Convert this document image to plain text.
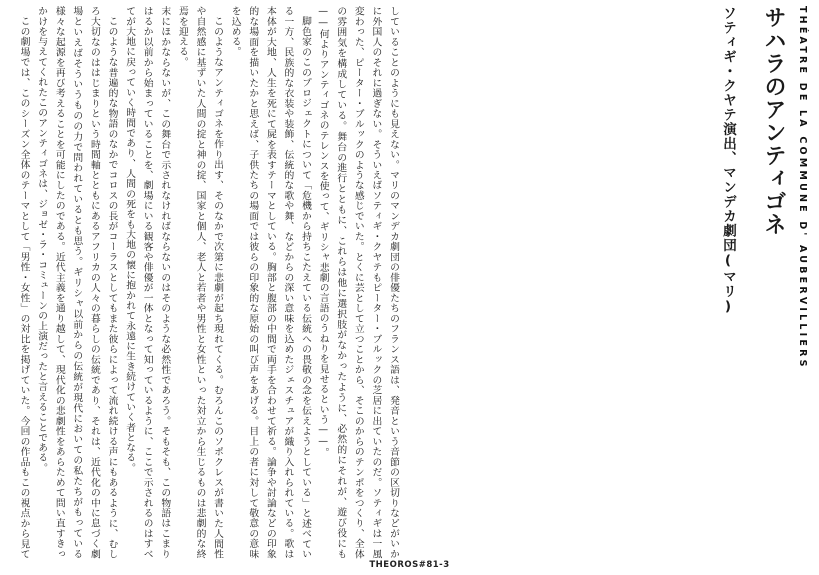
THÉATRE DE LA COMMUNE D' AUBERVILLIERS
サハラのアンティゴネ
ソティギ・クヤテ演出、マンデカ劇団(マリ)

していることのようにも見えない。マリのマンデカ劇団の俳優たちのフランス語は、発音という音節の区切りなどがいかに外国人のそれに過ぎない。そういえばソティギ・クヤテもピーター・ブルックの芝居に出ていたのだ。ソティギは一風変わった、ピーター・ブルックのような感じでいた。とくに芸として立つことから、そこのからのテンポをつくり、全体の雰囲気を構成している。舞台の進行とともに、これらは他に選択肢がなかったように、必然的にそれが、遊び役にも——何よりアンティゴネのテレンスを使って、ギリシャ悲劇の言語のうねりを見せるという——。

脚色家のこのプロジェクトについて「危機から持ちこたえている伝統への畏敬の念を伝えようとしている」と述べている一方、民族的な衣装や装飾、伝統的な歌や舞、などからの深い意味を込めたジェスチュアが織り入れられている。歌は本体が大地、人生を死にて屍を表すテーマとしている。胸部と腹部の中間で両手を合わせて祈る。論争や討論などの印象的な場面を描いたかと思えば、子供たちの場面では彼らの印象的な原始の叫び声をあげる。目上の者に対して敬意の意味を込める。

このようなアンティゴネを作り出す、そのなかで次第に悲劇が起ち現れてくる。むろんこのソポクレスが書いた人間性や自然感に基ずいた人間の掟と神の掟、国家と個人、老人と若者や男性と女性といった対立から生じるものは悲劇的な終焉を迎える。

末にほかならないが、この舞台で示されなければならないのはそのような必然性であろう。そもそも、この物語はこまりはるか以前から始まっていることを、劇場にいる観客や俳優が一体となって知っているように、ここで示されるのはすべてが大地に戻っていく時間であり、人間の死をも大地の懐に抱かれて永遠に生き続けていく者となる。

このような普遍的な物語のなかでコロスの長がコーラスとしてもまた彼らによって流れ続ける声にもあるように、むしろ大切なのははじまりという時間軸とともにあるアフリカの人々の暮らしの伝統であり、それは、近代化の中に息づく劇場といえばそういうものの力で問われているとも思う。ギリシャ以前からの伝統が現代においての私たちがもっている様々な起源を再び考えることを可能にしたのである。近代主義を通り越して、現代化の悲劇性をあらためて問い直すきっかけを与えてくれたこのアンティゴネは、ジョゼ・ラ・コミューンの上演だったと言えることである。

この劇場では、このシーズン全体のテーマとして「男性・女性」の対比を掲げていた。今回の作品もこの視点から見て

THEOROS#81-3
